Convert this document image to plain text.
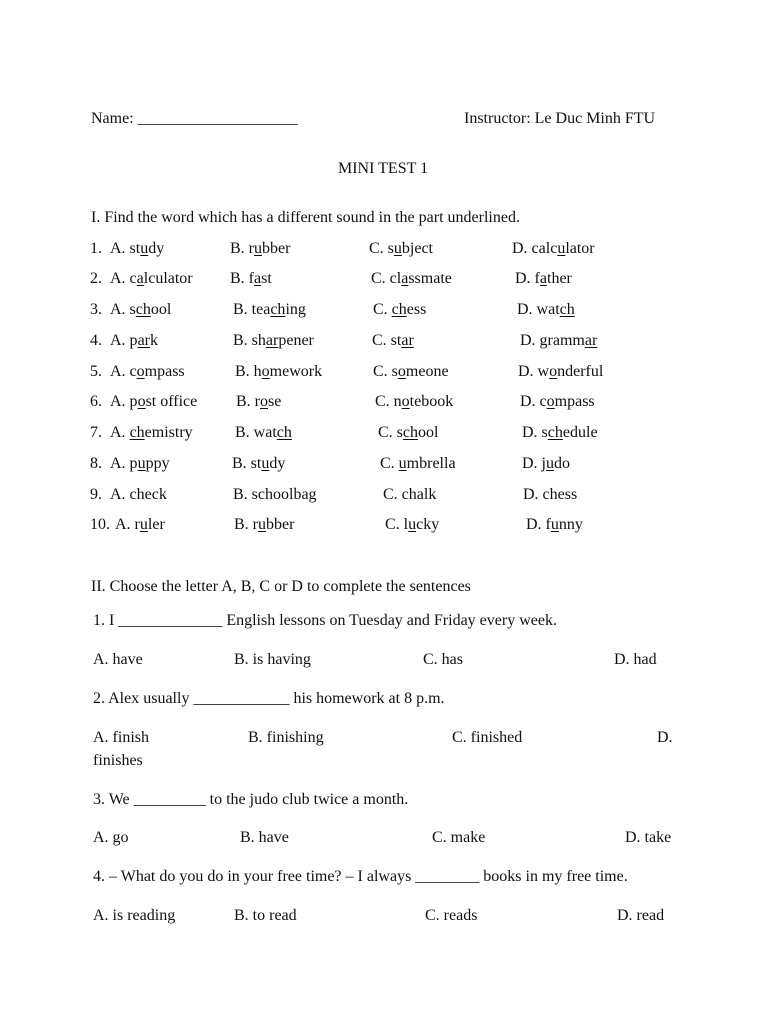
Name: ____________________	Instructor: Le Duc Minh FTU
MINI TEST 1
I. Find the word which has a different sound in the part underlined.
1. A. study	B. rubber	C. subject	D. calculator
2. A. calculator B. fast	C. classmate	D. father
3. A. school	B. teaching	C. chess	D. watch
4. A. park	B. sharpener	C. star	D. grammar
5. A. compass	B. homework	C. someone	D. wonderful
6. A. post office B. rose	C. notebook	D. compass
7. A. chemistry	B. watch	C. school	D. schedule
8. A. puppy	B. study	C. umbrella	D. judo
9. A. check	B. schoolbag	C. chalk	D. chess
10. A. ruler	B. rubber	C. lucky	D. funny
II. Choose the letter A, B, C or D to complete the sentences
1. I _____________ English lessons on Tuesday and Friday every week.
A. have	B. is having	C. has	D. had
2. Alex usually ____________ his homework at 8 p.m.
A. finish	B. finishing	C. finished	D.
finishes
3. We _________ to the judo club twice a month.
A. go	B. have	C. make	D. take
4. – What do you do in your free time? – I always ________ books in my free time.
A. is reading	B. to read	C. reads	D. read
